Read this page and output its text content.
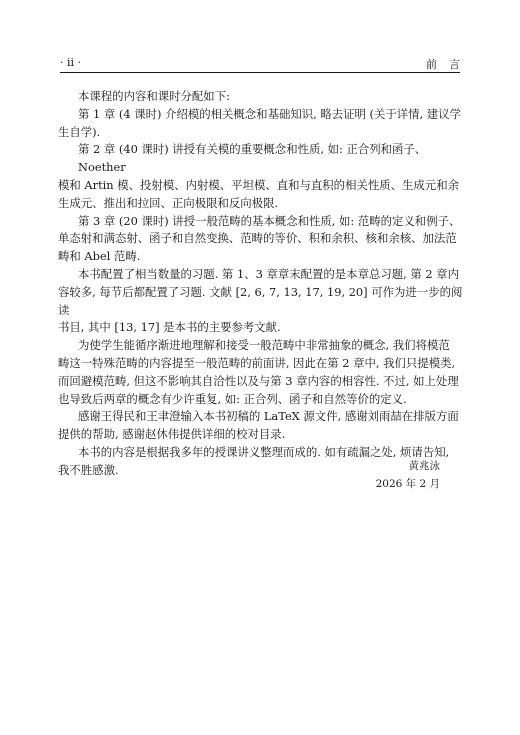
· ii ·	前言

本课程的内容和课时分配如下:

第 1 章 (4 课时) 介绍模的相关概念和基础知识, 略去证明 (关于详情, 建议学
生自学).

第 2 章 (40 课时) 讲授有关模的重要概念和性质, 如: 正合列和函子、Noether
模和 Artin 模、投射模、内射模、平坦模、直和与直积的相关性质、生成元和余
生成元、推出和拉回、正向极限和反向极限.

第 3 章 (20 课时) 讲授一般范畴的基本概念和性质, 如: 范畴的定义和例子、
单态射和满态射、函子和自然变换、范畴的等价、积和余积、核和余核、加法范
畴和 Abel 范畴.

本书配置了相当数量的习题. 第 1、3 章章末配置的是本章总习题, 第 2 章内
容较多, 每节后都配置了习题. 文献 [2, 6, 7, 13, 17, 19, 20] 可作为进一步的阅读
书目, 其中 [13, 17] 是本书的主要参考文献.

为使学生能循序渐进地理解和接受一般范畴中非常抽象的概念, 我们将模范
畴这一特殊范畴的内容提至一般范畴的前面讲, 因此在第 2 章中, 我们只提模类,
而回避模范畴, 但这不影响其自洽性以及与第 3 章内容的相容性. 不过, 如上处理
也导致后两章的概念有少许重复, 如: 正合列、函子和自然等价的定义.

感谢王得民和王聿澄输入本书初稿的 LaTeX 源文件, 感谢刘雨喆在排版方面
提供的帮助, 感谢赵休伟提供详细的校对目录.

本书的内容是根据我多年的授课讲义整理而成的. 如有疏漏之处, 烦请告知,
我不胜感激.	黄兆泳
2026 年 2 月
